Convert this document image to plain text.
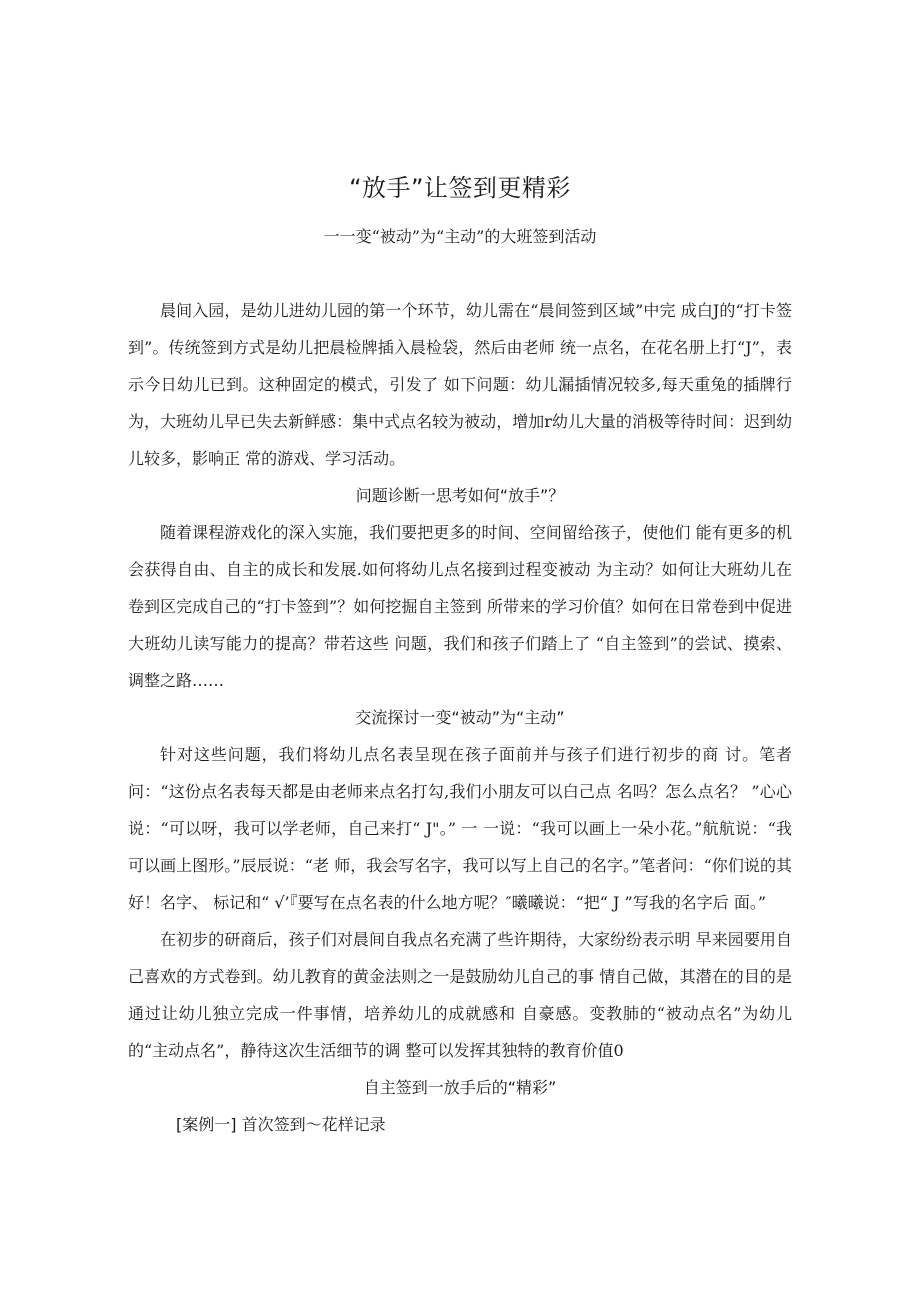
“放手”让签到更精彩

一一变“被动”为“主动”的大班签到活动

晨间入园，是幼儿进幼儿园的第一个环节，幼儿需在“晨间签到区域”中完 成白J的“打卡签到”。传统签到方式是幼儿把晨检牌插入晨检袋，然后由老师 统一点名，在花名册上打“J”，表示今日幼儿已到。这种固定的模式，引发了 如下问题：幼儿漏插情况较多,每天重兔的插牌行为，大班幼儿早已失去新鲜感：集中式点名较为被动，增加r幼儿大量的消极等待时间：迟到幼儿较多，影响正 常的游戏、学习活动。

问题诊断一思考如何“放手”？

随着课程游戏化的深入实施，我们要把更多的时间、空间留给孩子，使他们 能有更多的机会获得自由、自主的成长和发展.如何将幼儿点名接到过程变被动 为主动？如何让大班幼儿在卷到区完成自己的“打卡签到”？如何挖掘自主签到 所带来的学习价值？如何在日常卷到中促进大班幼儿读写能力的提高？带若这些 问题，我们和孩子们踏上了 “自主签到”的尝试、摸索、调整之路……

交流探讨一变“被动”为“主动”

针对这些问题，我们将幼儿点名表呈现在孩子面前并与孩子们进行初步的商 讨。笔者问：“这份点名表每天都是由老师来点名打勾,我们小朋友可以白己点 名吗？怎么点名？ ”心心说：“可以呀，我可以学老师，自己来打“ J"。” 一 一说：“我可以画上一朵小花。”航航说：“我可以画上图形。”辰辰说：“老 师，我会写名字，我可以写上自己的名字。”笔者问：“你们说的其好！名字、 标记和“ √’『要写在点名表的什么地方呢？″曦曦说：“把“ J ”写我的名字后 面。”

在初步的研商后，孩子们对晨间自我点名充满了些许期待，大家纷纷表示明 早来园要用自己喜欢的方式卷到。幼儿教育的黄金法则之一是鼓励幼儿自己的事 情自己做，其潜在的目的是通过让幼儿独立完成一件事情，培养幼儿的成就感和 自豪感。变教肺的“被动点名”为幼儿的“主动点名”，静待这次生活细节的调 整可以发挥其独特的教育价值0

自主签到一放手后的“精彩”

[案例一] 首次签到〜花样记录
